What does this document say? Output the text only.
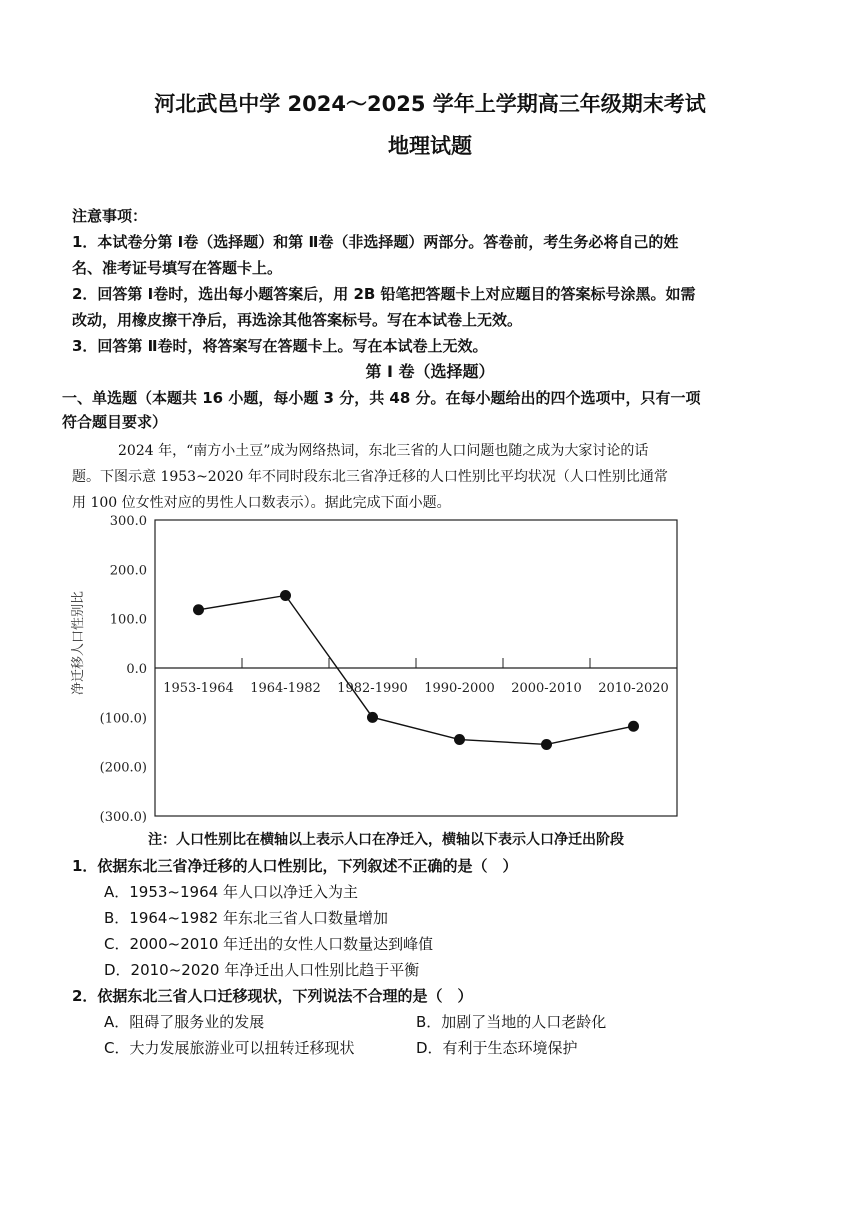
河北武邑中学 2024～2025 学年上学期高三年级期末考试
地理试题
注意事项：
1．本试卷分第 Ⅰ卷（选择题）和第 Ⅱ卷（非选择题）两部分。答卷前，考生务必将自己的姓
名、准考证号填写在答题卡上。
2．回答第 Ⅰ卷时，选出每小题答案后，用 2B 铅笔把答题卡上对应题目的答案标号涂黑。如需
改动，用橡皮擦干净后，再选涂其他答案标号。写在本试卷上无效。
3．回答第 Ⅱ卷时，将答案写在答题卡上。写在本试卷上无效。
第 Ⅰ 卷（选择题）
一、单选题（本题共 16 小题，每小题 3 分，共 48 分。在每小题给出的四个选项中，只有一项
符合题目要求）
2024 年，“南方小土豆”成为网络热词，东北三省的人口问题也随之成为大家讨论的话
题。下图示意 1953~2020 年不同时段东北三省净迁移的人口性别比平均状况（人口性别比通常
用 100 位女性对应的男性人口数表示）。据此完成下面小题。
300.0
200.0
100.0
0.0
(100.0)
(200.0)
(300.0)
1953-1964 1964-1982 1982-1990 1990-2000 2000-2010 2010-2020
净迁移人口性别比
注：人口性别比在横轴以上表示人口在净迁入，横轴以下表示人口净迁出阶段
1．依据东北三省净迁移的人口性别比，下列叙述不正确的是（　）
A．1953~1964 年人口以净迁入为主
B．1964~1982 年东北三省人口数量增加
C．2000~2010 年迁出的女性人口数量达到峰值
D．2010~2020 年净迁出人口性别比趋于平衡
2．依据东北三省人口迁移现状，下列说法不合理的是（　）
A．阻碍了服务业的发展	B．加剧了当地的人口老龄化
C．大力发展旅游业可以扭转迁移现状	D．有利于生态环境保护
